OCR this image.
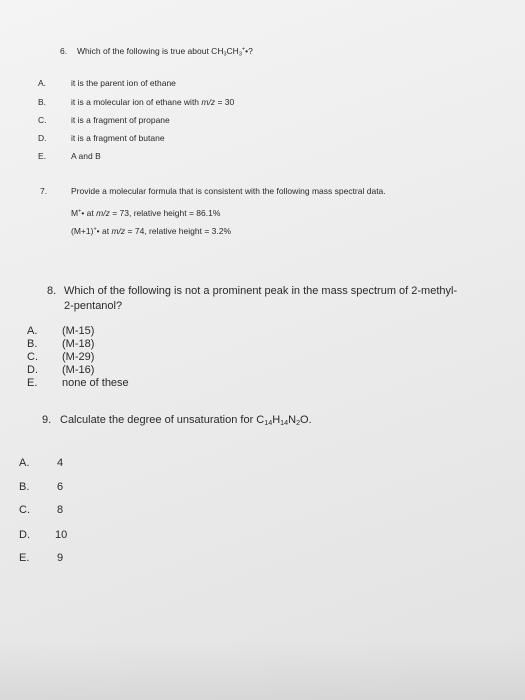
6. Which of the following is true about $CH_3CH_3^+•$?
A.	it is the parent ion of ethane
B.	it is a molecular ion of ethane with m/z = 30
C.	it is a fragment of propane
D.	it is a fragment of butane
E.	A and B
7.	Provide a molecular formula that is consistent with the following mass spectral data.
M+• at m/z = 73, relative height = 86.1%
(M+1)+• at m/z = 74, relative height = 3.2%
8. Which of the following is not a prominent peak in the mass spectrum of 2-methyl-
2-pentanol?
A. (M-15)
B. (M-18)
C. (M-29)
D. (M-16)
E. none of these
9. Calculate the degree of unsaturation for $C_{14}H_{14}N_2O$.
A.	4
B.	6
C. 8
D. 10
E.	9
